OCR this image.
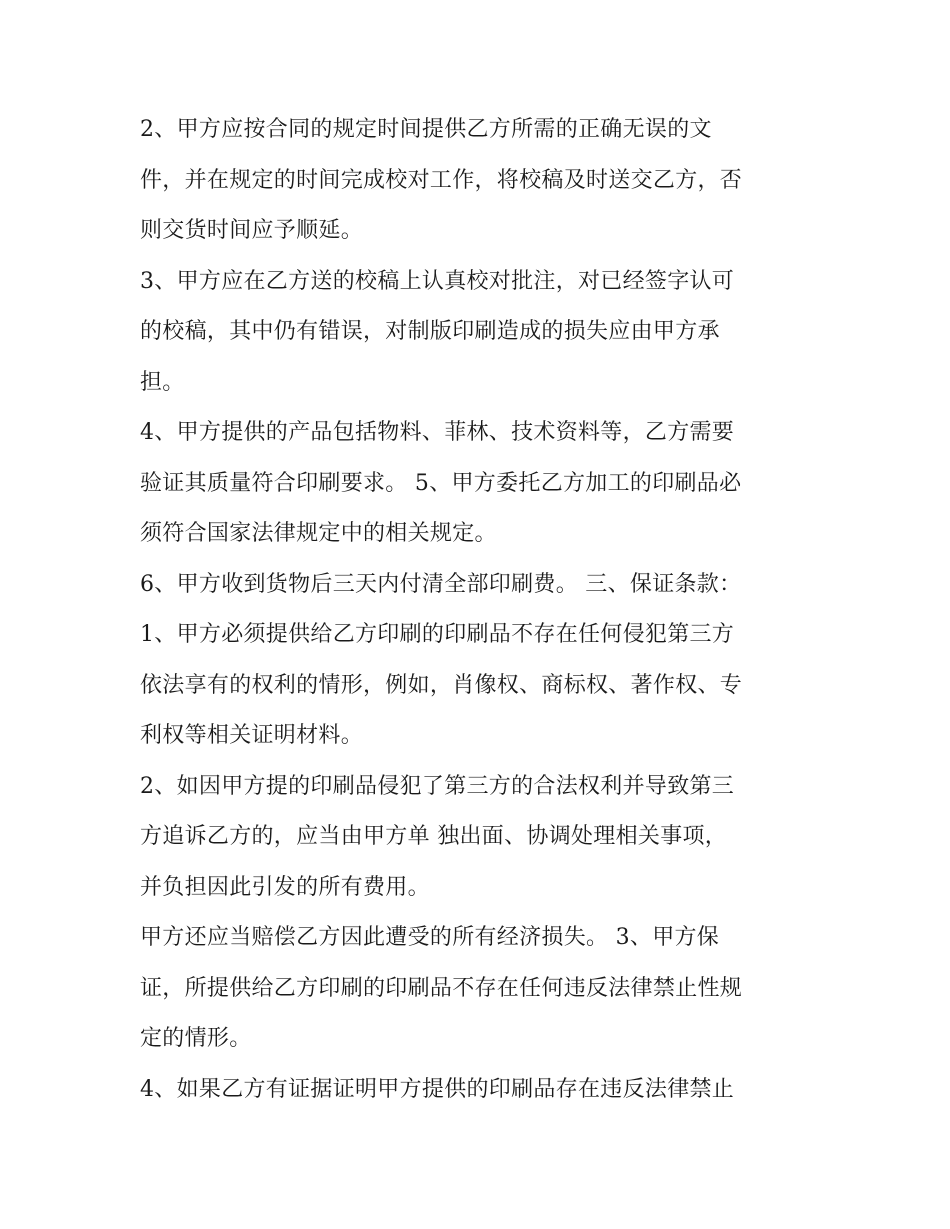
2、甲方应按合同的规定时间提供乙方所需的正确无误的文
件，并在规定的时间完成校对工作，将校稿及时送交乙方，否
则交货时间应予顺延。
3、甲方应在乙方送的校稿上认真校对批注，对已经签字认可
的校稿，其中仍有错误，对制版印刷造成的损失应由甲方承
担。
4、甲方提供的产品包括物料、菲林、技术资料等，乙方需要
验证其质量符合印刷要求。 5、甲方委托乙方加工的印刷品必
须符合国家法律规定中的相关规定。
6、甲方收到货物后三天内付清全部印刷费。 三、保证条款：
1、甲方必须提供给乙方印刷的印刷品不存在任何侵犯第三方
依法享有的权利的情形，例如，肖像权、商标权、著作权、专
利权等相关证明材料。
2、如因甲方提的印刷品侵犯了第三方的合法权利并导致第三
方追诉乙方的，应当由甲方单 独出面、协调处理相关事项，
并负担因此引发的所有费用。
甲方还应当赔偿乙方因此遭受的所有经济损失。 3、甲方保
证，所提供给乙方印刷的印刷品不存在任何违反法律禁止性规
定的情形。
4、如果乙方有证据证明甲方提供的印刷品存在违反法律禁止
